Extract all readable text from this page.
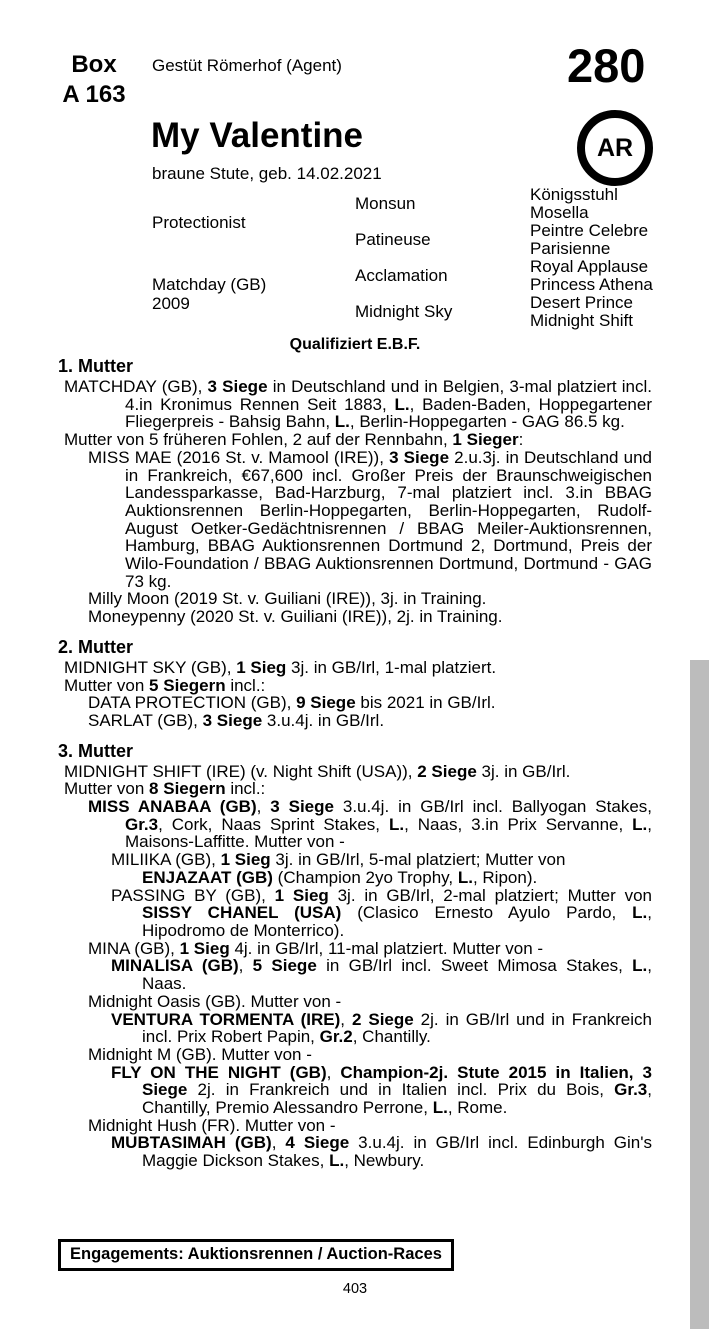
Box
A 163
Gestüt Römerhof (Agent)	280
My Valentine
braune Stute, geb. 14.02.2021
AR
Protectionist
Matchday (GB)
2009
Monsun
Patineuse
Acclamation
Midnight Sky
Königsstuhl
Mosella
Peintre Celebre
Parisienne
Royal Applause
Princess Athena
Desert Prince
Midnight Shift
Qualifiziert E.B.F.
1. Mutter

MATCHDAY (GB), 3 Siege in Deutschland und in Belgien, 3-mal platziert incl. 4.in Kronimus Rennen Seit 1883, L., Baden-Baden, Hoppegartener Fliegerpreis - Bahsig Bahn, L., Berlin-Hoppegarten - GAG 86.5 kg.

Mutter von 5 früheren Fohlen, 2 auf der Rennbahn, 1 Sieger:

MISS MAE (2016 St. v. Mamool (IRE)), 3 Siege 2.u.3j. in Deutschland und in Frankreich, €67,600 incl. Großer Preis der Braunschweigischen Landessparkasse, Bad-Harzburg, 7-mal platziert incl. 3.in BBAG Auktionsrennen Berlin-Hoppegarten, Berlin-Hoppegarten, Rudolf-August Oetker-Gedächtnisrennen / BBAG Meiler-Auktionsrennen, Hamburg, BBAG Auktionsrennen Dortmund 2, Dortmund, Preis der Wilo-Foundation / BBAG Auktionsrennen Dortmund, Dortmund - GAG 73 kg.

Milly Moon (2019 St. v. Guiliani (IRE)), 3j. in Training.

Moneypenny (2020 St. v. Guiliani (IRE)), 2j. in Training.

2. Mutter

MIDNIGHT SKY (GB), 1 Sieg 3j. in GB/Irl, 1-mal platziert.

Mutter von 5 Siegern incl.:

DATA PROTECTION (GB), 9 Siege bis 2021 in GB/Irl.

SARLAT (GB), 3 Siege 3.u.4j. in GB/Irl.

3. Mutter

MIDNIGHT SHIFT (IRE) (v. Night Shift (USA)), 2 Siege 3j. in GB/Irl.

Mutter von 8 Siegern incl.:

MISS ANABAA (GB), 3 Siege 3.u.4j. in GB/Irl incl. Ballyogan Stakes, Gr.3, Cork, Naas Sprint Stakes, L., Naas, 3.in Prix Servanne, L., Maisons-Laffitte. Mutter von -

MILIIKA (GB), 1 Sieg 3j. in GB/Irl, 5-mal platziert; Mutter von

ENJAZAAT (GB) (Champion 2yo Trophy, L., Ripon).

PASSING BY (GB), 1 Sieg 3j. in GB/Irl, 2-mal platziert; Mutter von SISSY CHANEL (USA) (Clasico Ernesto Ayulo Pardo, L., Hipodromo de Monterrico).

MINA (GB), 1 Sieg 4j. in GB/Irl, 11-mal platziert. Mutter von -

MINALISA (GB), 5 Siege in GB/Irl incl. Sweet Mimosa Stakes, L., Naas.

Midnight Oasis (GB). Mutter von -

VENTURA TORMENTA (IRE), 2 Siege 2j. in GB/Irl und in Frankreich incl. Prix Robert Papin, Gr.2, Chantilly.

Midnight M (GB). Mutter von -

FLY ON THE NIGHT (GB), Champion-2j. Stute 2015 in Italien, 3 Siege 2j. in Frankreich und in Italien incl. Prix du Bois, Gr.3, Chantilly, Premio Alessandro Perrone, L., Rome.

Midnight Hush (FR). Mutter von -

MUBTASIMAH (GB), 4 Siege 3.u.4j. in GB/Irl incl. Edinburgh Gin's Maggie Dickson Stakes, L., Newbury.

Engagements: Auktionsrennen / Auction-Races
403
